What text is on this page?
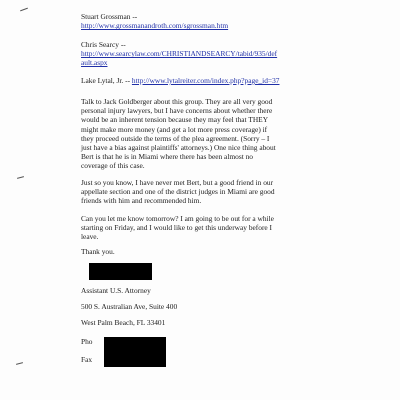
Stuart Grossman --
http://www.grossmanandroth.com/sgrossman.htm
Chris Searcy --
http://www.searcylaw.com/CHRISTIANDSEARCY/tabid/935/def
ault.aspx
Lake Lytal, Jr. -- http://www.lytalreiter.com/index.php?page_id=37
Talk to Jack Goldberger about this group. They are all very good
personal injury lawyers, but I have concerns about whether there
would be an inherent tension because they may feel that THEY
might make more money (and get a lot more press coverage) if
they proceed outside the terms of the plea agreement. (Sorry – I
just have a bias against plaintiffs' attorneys.) One nice thing about
Bert is that he is in Miami where there has been almost no
coverage of this case.
Just so you know, I have never met Bert, but a good friend in our
appellate section and one of the district judges in Miami are good
friends with him and recommended him.
Can you let me know tomorrow? I am going to be out for a while
starting on Friday, and I would like to get this underway before I
leave.
Thank you.
Assistant U.S. Attorney
500 S. Australian Ave, Suite 400
West Palm Beach, FL 33401
Pho
Fax
